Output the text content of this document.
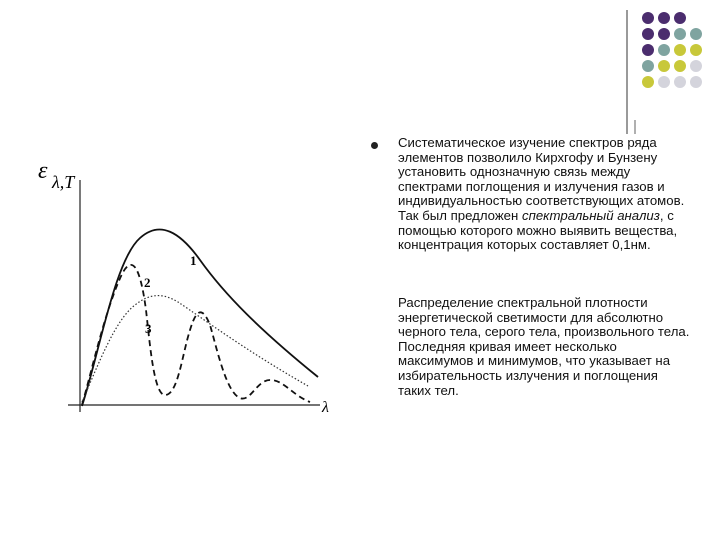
ε λ,T
λ
1
2
3

Систематическое изучение спектров ряда элементов позволило Кирхгофу и Бунзену установить однозначную связь между спектрами поглощения и излучения газов и индивидуальностью соответствующих атомов. Так был предложен спектральный анализ, с помощью которого можно выявить вещества, концентрация которых составляет 0,1нм.

Распределение спектральной плотности энергетической светимости для абсолютно черного тела, серого тела, произвольного тела. Последняя кривая имеет несколько максимумов и минимумов, что указывает на избирательность излучения и поглощения таких тел.
